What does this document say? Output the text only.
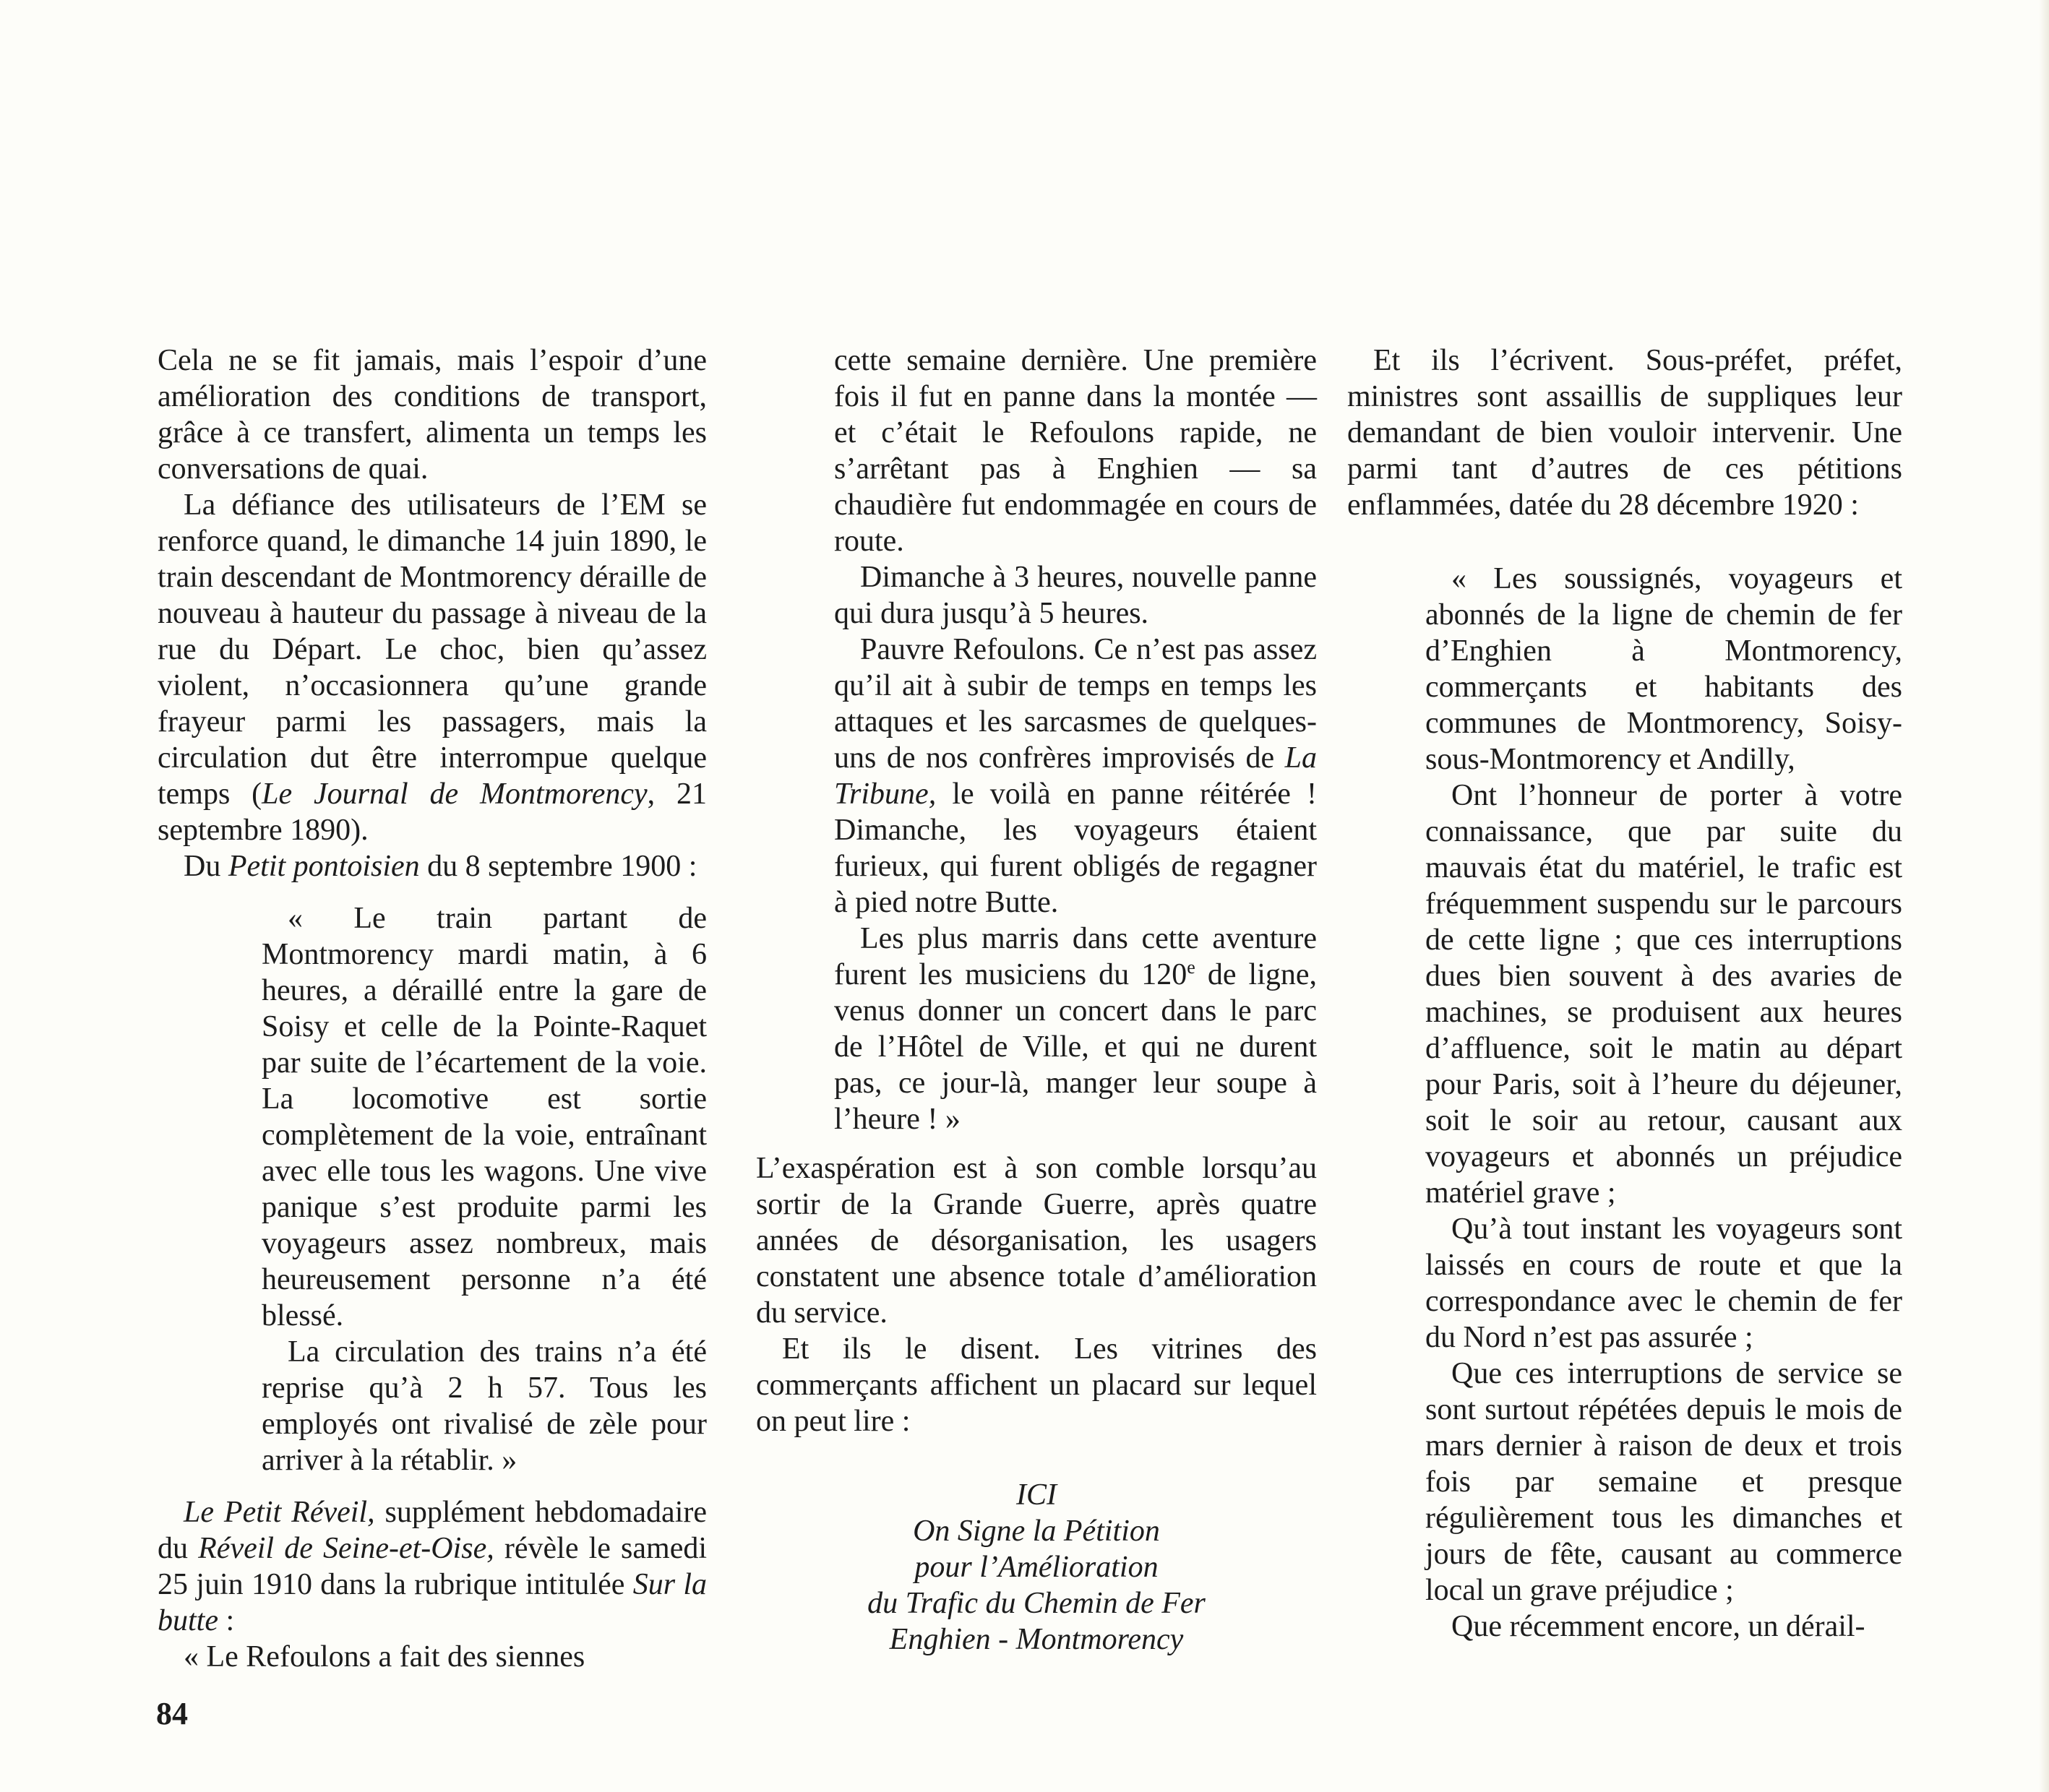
Cela ne se fit jamais, mais l’espoir d’une amélioration des conditions de transport, grâce à ce transfert, alimenta un temps les conversations de quai.

La défiance des utilisateurs de l’EM se renforce quand, le dimanche 14 juin 1890, le train descendant de Montmorency déraille de nouveau à hauteur du passage à niveau de la rue du Départ. Le choc, bien qu’assez violent, n’occasionnera qu’une grande frayeur parmi les passagers, mais la circulation dut être interrompue quelque temps (Le Journal de Montmorency, 21 septembre 1890).

Du Petit pontoisien du 8 septembre 1900 :

« Le train partant de Montmorency mardi matin, à 6 heures, a déraillé entre la gare de Soisy et celle de la Pointe-Raquet par suite de l’écartement de la voie. La locomotive est sortie complètement de la voie, entraînant avec elle tous les wagons. Une vive panique s’est produite parmi les voyageurs assez nombreux, mais heureusement personne n’a été blessé.

La circulation des trains n’a été reprise qu’à 2 h 57. Tous les employés ont rivalisé de zèle pour arriver à la rétablir. »

Le Petit Réveil, supplément hebdomadaire du Réveil de Seine-et-Oise, révèle le samedi 25 juin 1910 dans la rubrique intitulée Sur la butte :

« Le Refoulons a fait des siennes

cette semaine dernière. Une première fois il fut en panne dans la montée — et c’était le Refoulons rapide, ne s’arrêtant pas à Enghien — sa chaudière fut endommagée en cours de route.

Dimanche à 3 heures, nouvelle panne qui dura jusqu’à 5 heures.

Pauvre Refoulons. Ce n’est pas assez qu’il ait à subir de temps en temps les attaques et les sarcasmes de quelques-uns de nos confrères improvisés de La Tribune, le voilà en panne réitérée ! Dimanche, les voyageurs étaient furieux, qui furent obligés de regagner à pied notre Butte.

Les plus marris dans cette aventure furent les musiciens du 120e de ligne, venus donner un concert dans le parc de l’Hôtel de Ville, et qui ne durent pas, ce jour-là, manger leur soupe à l’heure ! »

L’exaspération est à son comble lorsqu’au sortir de la Grande Guerre, après quatre années de désorganisation, les usagers constatent une absence totale d’amélioration du service.

Et ils le disent. Les vitrines des commerçants affichent un placard sur lequel on peut lire :

ICI
On Signe la Pétition
pour l’Amélioration
du Trafic du Chemin de Fer
Enghien - Montmorency

Et ils l’écrivent. Sous-préfet, préfet, ministres sont assaillis de suppliques leur demandant de bien vouloir intervenir. Une parmi tant d’autres de ces pétitions enflammées, datée du 28 décembre 1920 :

« Les soussignés, voyageurs et abonnés de la ligne de chemin de fer d’Enghien à Montmorency, commerçants et habitants des communes de Montmorency, Soisy-sous-Montmorency et Andilly,

Ont l’honneur de porter à votre connaissance, que par suite du mauvais état du matériel, le trafic est fréquemment suspendu sur le parcours de cette ligne ; que ces interruptions dues bien souvent à des avaries de machines, se produisent aux heures d’affluence, soit le matin au départ pour Paris, soit à l’heure du déjeuner, soit le soir au retour, causant aux voyageurs et abonnés un préjudice matériel grave ;

Qu’à tout instant les voyageurs sont laissés en cours de route et que la correspondance avec le chemin de fer du Nord n’est pas assurée ;

Que ces interruptions de service se sont surtout répétées depuis le mois de mars dernier à raison de deux et trois fois par semaine et presque régulièrement tous les dimanches et jours de fête, causant au commerce local un grave préjudice ;

Que récemment encore, un dérail-

84
